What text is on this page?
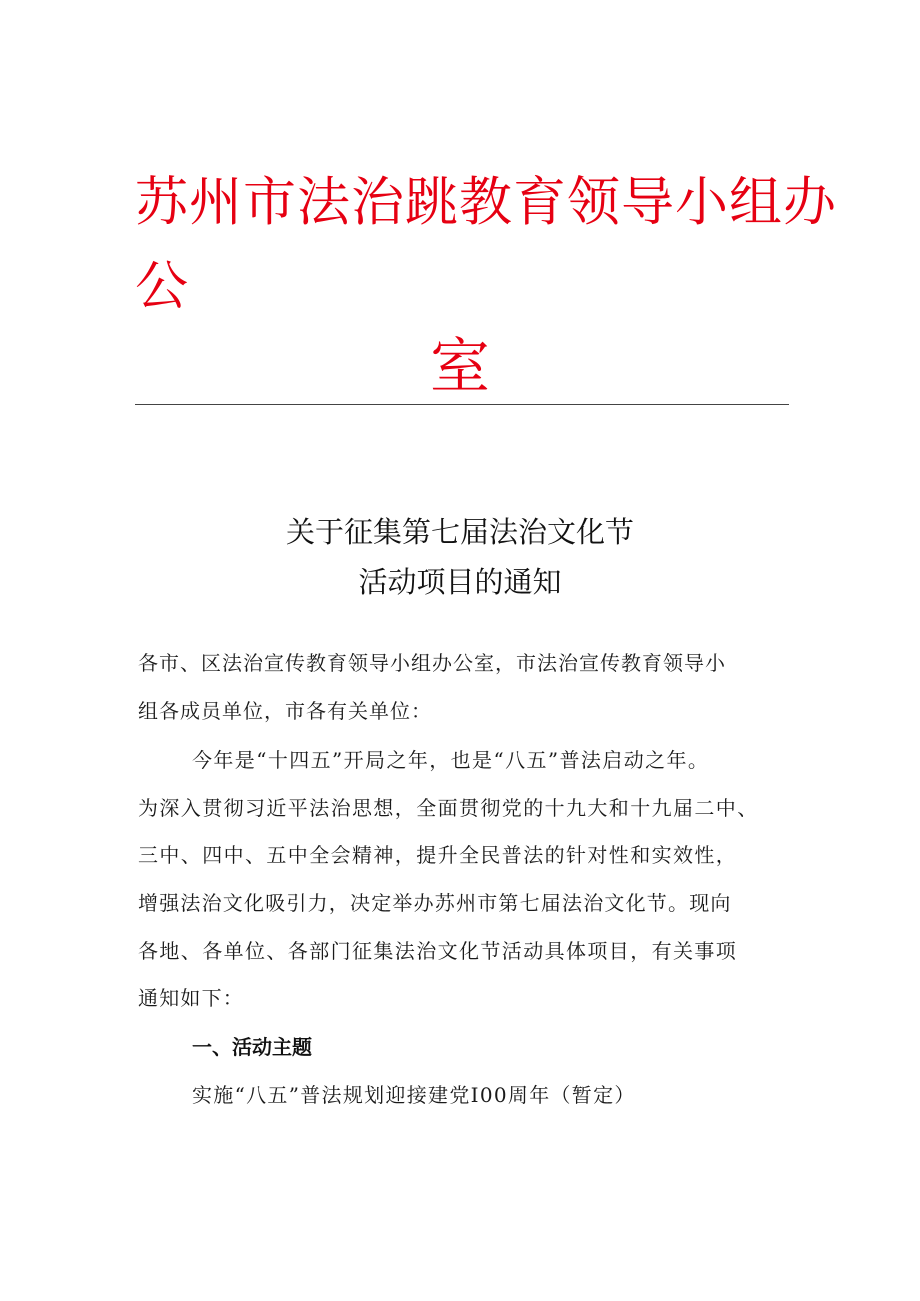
苏州市法治跳教育领导小组办
公
室
关于征集第七届法治文化节
活动项目的通知
各市、区法治宣传教育领导小组办公室，市法治宣传教育领导小
组各成员单位，市各有关单位：
今年是“十四五”开局之年，也是“八五”普法启动之年。
为深入贯彻习近平法治思想，全面贯彻党的十九大和十九届二中、
三中、四中、五中全会精神，提升全民普法的针对性和实效性，
增强法治文化吸引力，决定举办苏州市第七届法治文化节。现向
各地、各单位、各部门征集法治文化节活动具体项目，有关事项
通知如下：
一、活动主题
实施“八五”普法规划迎接建党I00周年（暂定）
